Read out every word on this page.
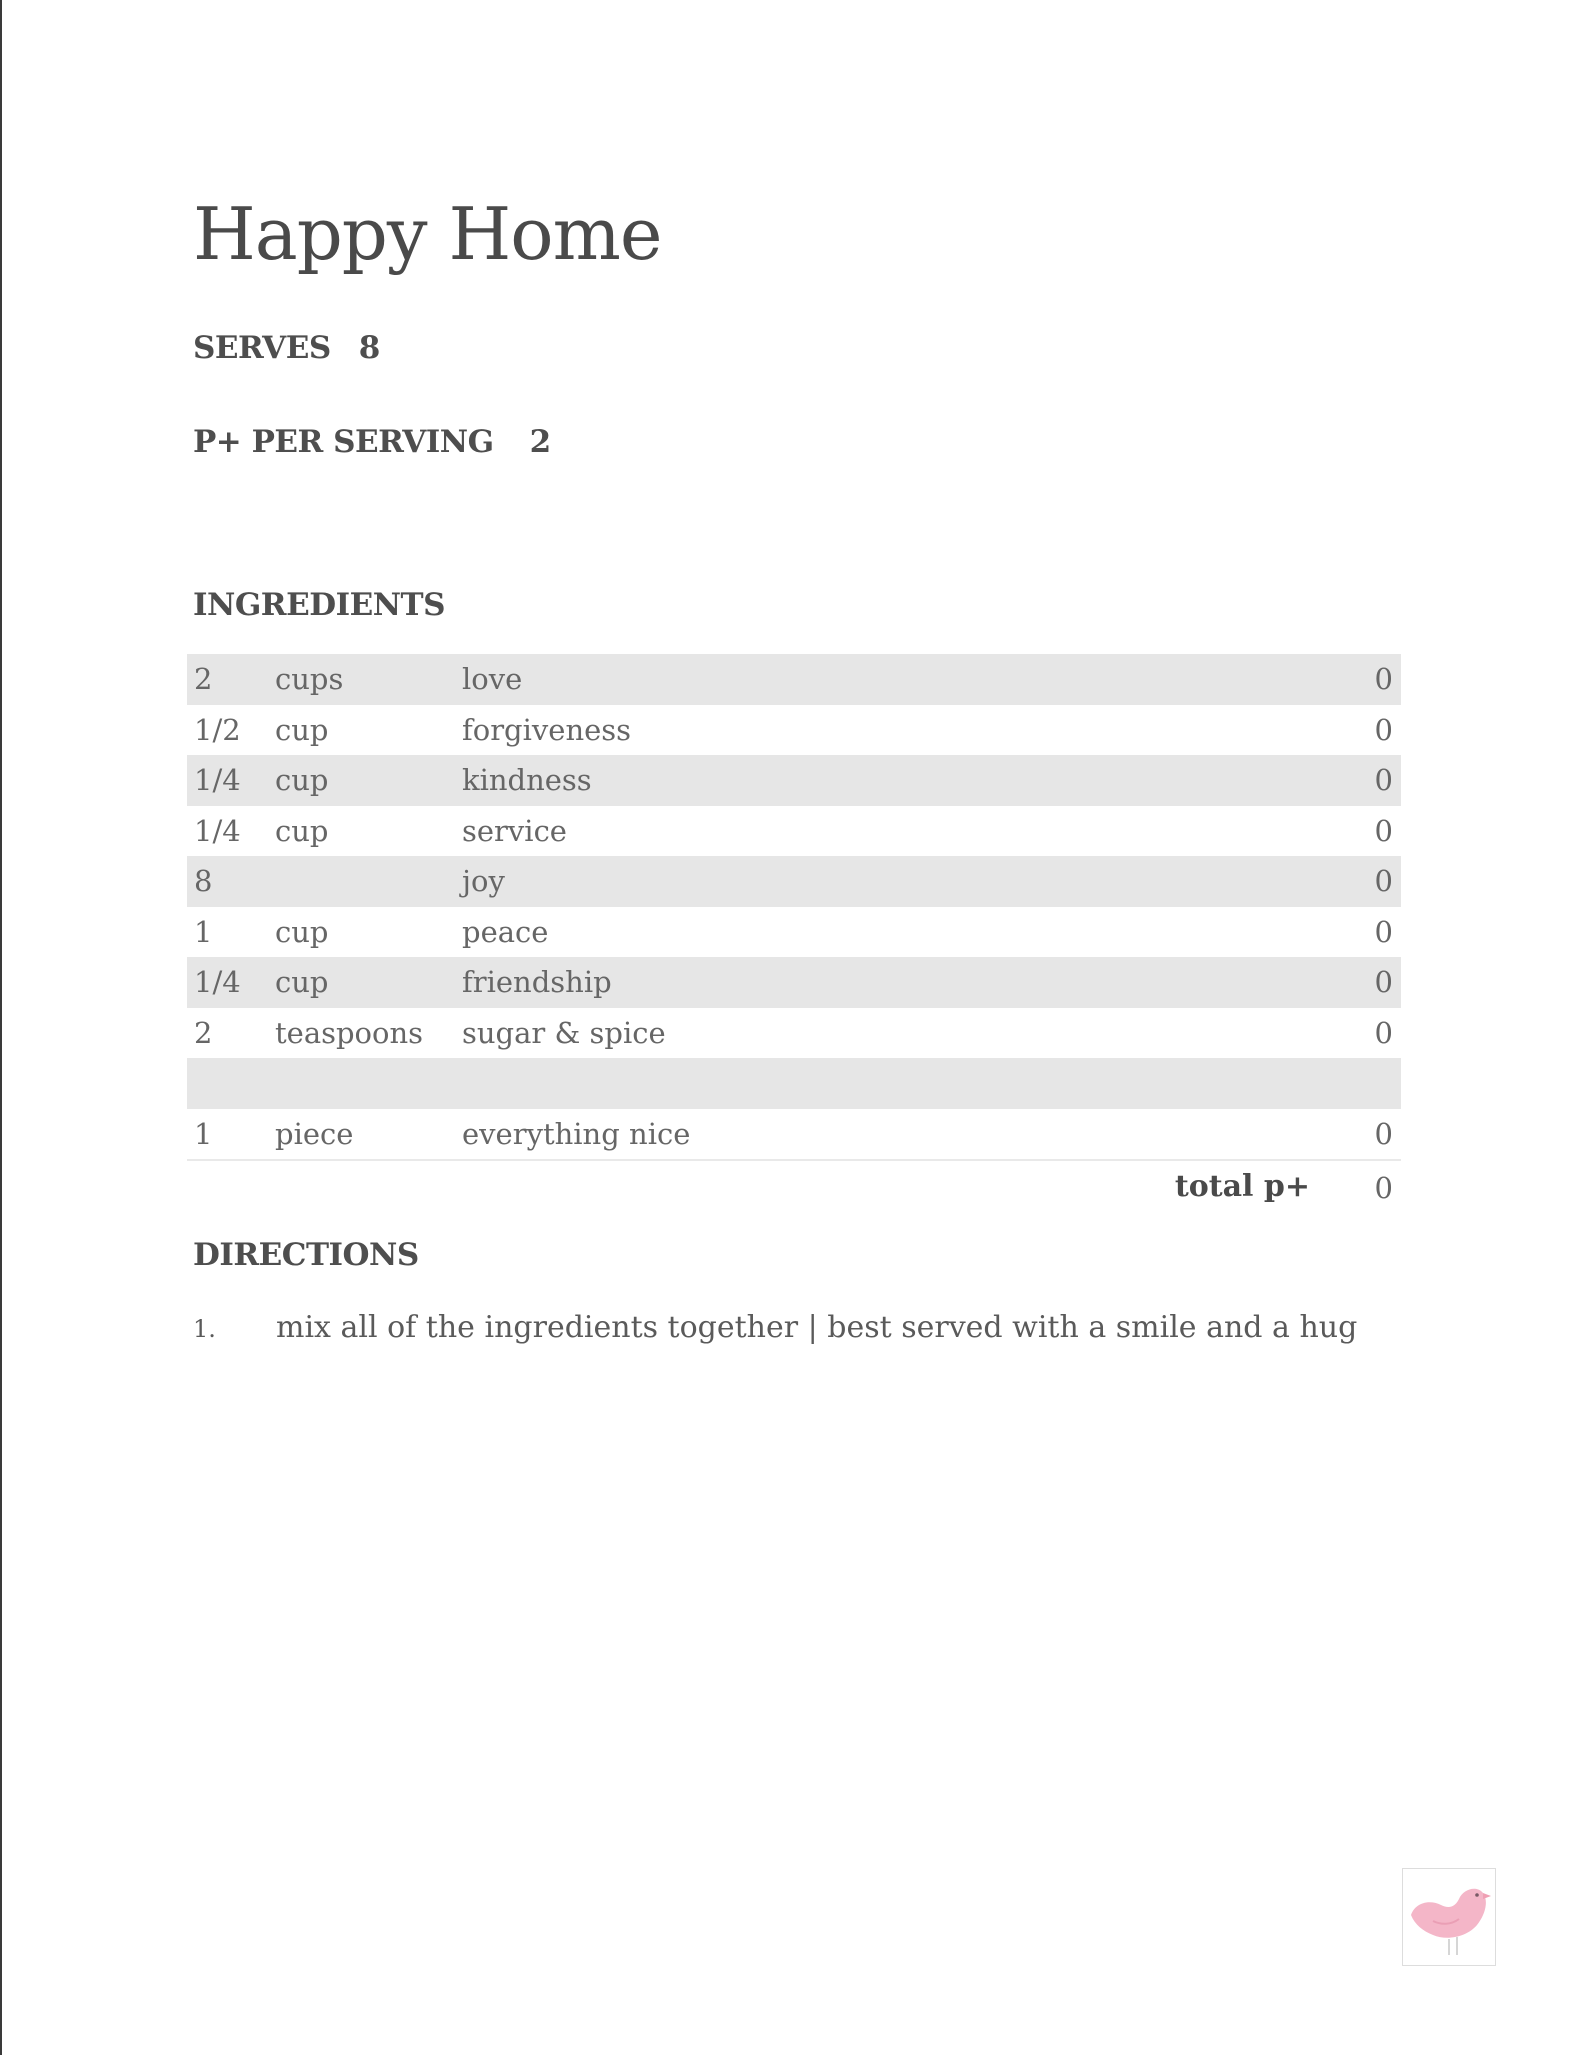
Happy Home
SERVES 8
P+ PER SERVING 2
INGREDIENTS
2 cups	love	0
1/2 cup	forgiveness	0
1/4 cup	kindness	0
1/4 cup	service	0
8	joy	0
1 cup	peace	0
1/4 cup	friendship	0
2 teaspoons sugar & spice	0
1 piece	everything nice	0
total p+ 0
DIRECTIONS
1. mix all of the ingredients together | best served with a smile and a hug
